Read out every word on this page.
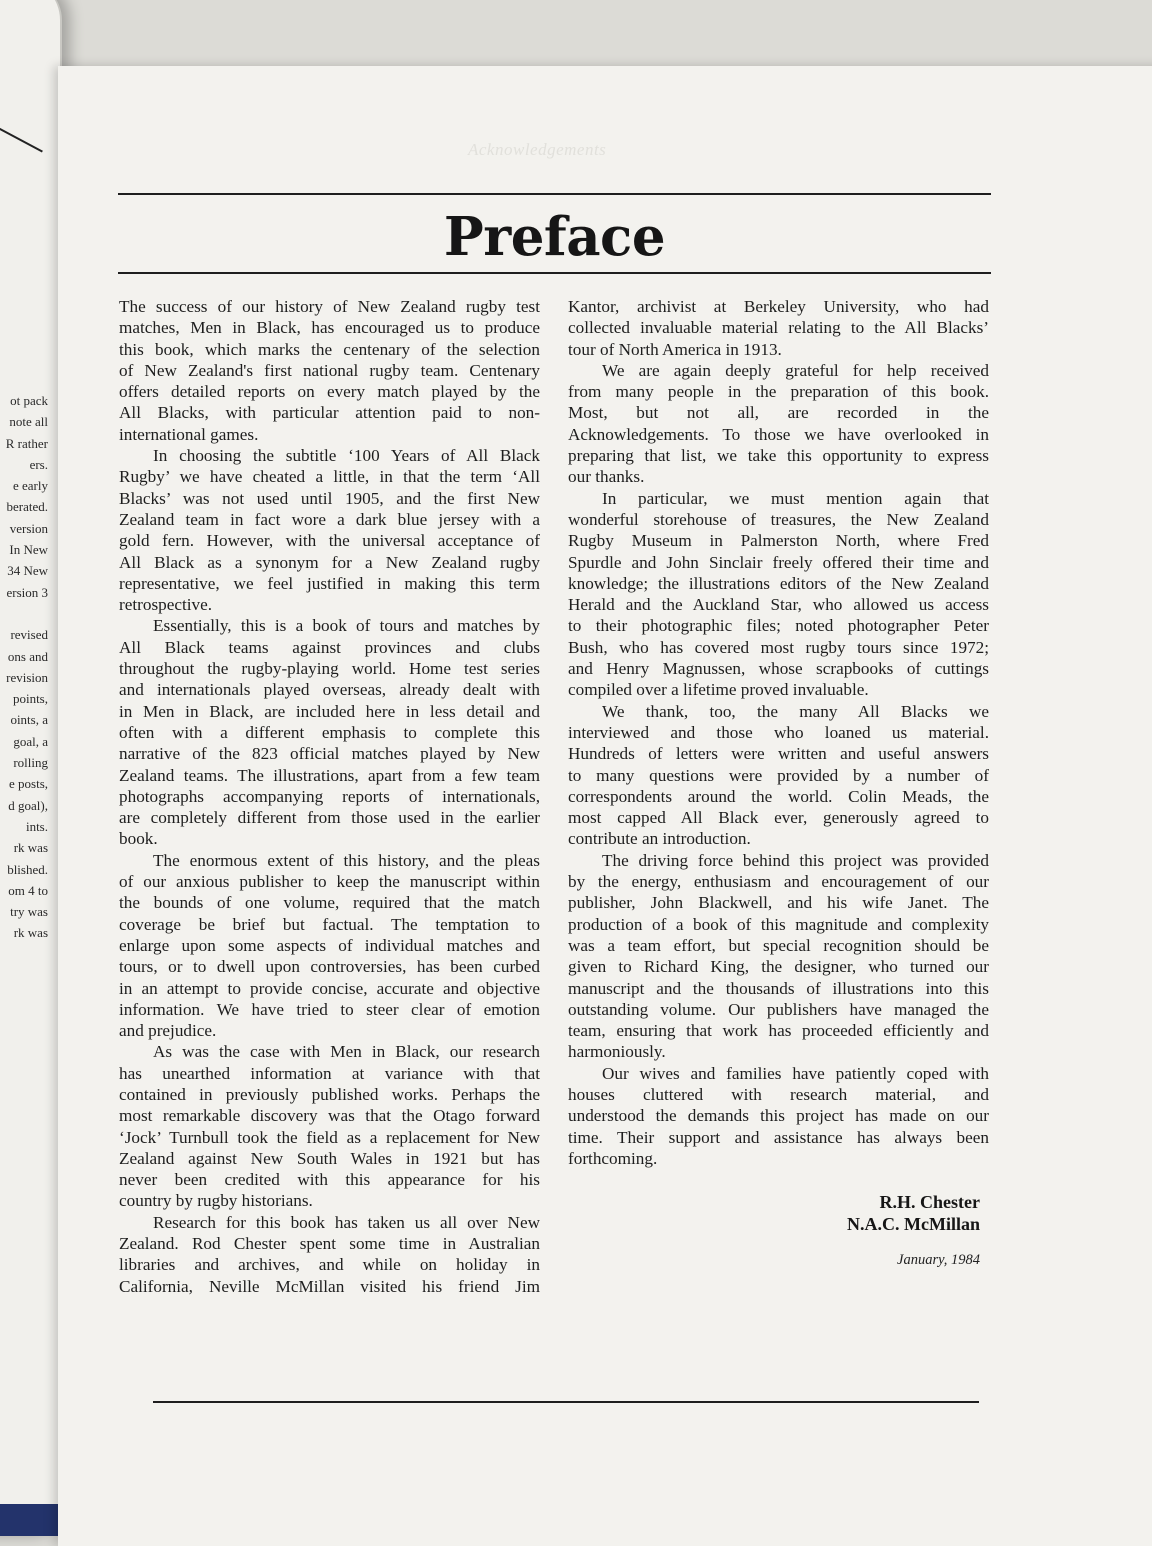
ot pack
note all
R rather
ers.
e early
berated.
version
In New
34 New
ersion 3
revised
ons and
revision
points,
oints, a
goal, a
rolling
e posts,
d goal),
ints.
rk was
blished.
om 4 to
try was
rk was
Acknowledgements
Preface
The success of our history of New Zealand rugby test
matches, Men in Black, has encouraged us to produce
this book, which marks the centenary of the selection
of New Zealand's first national rugby team. Centenary
offers detailed reports on every match played by the
All Blacks, with particular attention paid to non-
international games.
In choosing the subtitle ‘100 Years of All Black
Rugby’ we have cheated a little, in that the term ‘All
Blacks’ was not used until 1905, and the first New
Zealand team in fact wore a dark blue jersey with a
gold fern. However, with the universal acceptance of
All Black as a synonym for a New Zealand rugby
representative, we feel justified in making this term
retrospective.
Essentially, this is a book of tours and matches by
All Black teams against provinces and clubs
throughout the rugby-playing world. Home test series
and internationals played overseas, already dealt with
in Men in Black, are included here in less detail and
often with a different emphasis to complete this
narrative of the 823 official matches played by New
Zealand teams. The illustrations, apart from a few team
photographs accompanying reports of internationals,
are completely different from those used in the earlier
book.
The enormous extent of this history, and the pleas
of our anxious publisher to keep the manuscript within
the bounds of one volume, required that the match
coverage be brief but factual. The temptation to
enlarge upon some aspects of individual matches and
tours, or to dwell upon controversies, has been curbed
in an attempt to provide concise, accurate and objective
information. We have tried to steer clear of emotion
and prejudice.
As was the case with Men in Black, our research
has unearthed information at variance with that
contained in previously published works. Perhaps the
most remarkable discovery was that the Otago forward
‘Jock’ Turnbull took the field as a replacement for New
Zealand against New South Wales in 1921 but has
never been credited with this appearance for his
country by rugby historians.
Research for this book has taken us all over New
Zealand. Rod Chester spent some time in Australian
libraries and archives, and while on holiday in
California, Neville McMillan visited his friend Jim
Kantor, archivist at Berkeley University, who had
collected invaluable material relating to the All Blacks’
tour of North America in 1913.
We are again deeply grateful for help received
from many people in the preparation of this book.
Most, but not all, are recorded in the
Acknowledgements. To those we have overlooked in
preparing that list, we take this opportunity to express
our thanks.
In particular, we must mention again that
wonderful storehouse of treasures, the New Zealand
Rugby Museum in Palmerston North, where Fred
Spurdle and John Sinclair freely offered their time and
knowledge; the illustrations editors of the New Zealand
Herald and the Auckland Star, who allowed us access
to their photographic files; noted photographer Peter
Bush, who has covered most rugby tours since 1972;
and Henry Magnussen, whose scrapbooks of cuttings
compiled over a lifetime proved invaluable.
We thank, too, the many All Blacks we
interviewed and those who loaned us material.
Hundreds of letters were written and useful answers
to many questions were provided by a number of
correspondents around the world. Colin Meads, the
most capped All Black ever, generously agreed to
contribute an introduction.
The driving force behind this project was provided
by the energy, enthusiasm and encouragement of our
publisher, John Blackwell, and his wife Janet. The
production of a book of this magnitude and complexity
was a team effort, but special recognition should be
given to Richard King, the designer, who turned our
manuscript and the thousands of illustrations into this
outstanding volume. Our publishers have managed the
team, ensuring that work has proceeded efficiently and
harmoniously.
Our wives and families have patiently coped with
houses cluttered with research material, and
understood the demands this project has made on our
time. Their support and assistance has always been
forthcoming.
R.H. Chester
N.A.C. McMillan
January, 1984
